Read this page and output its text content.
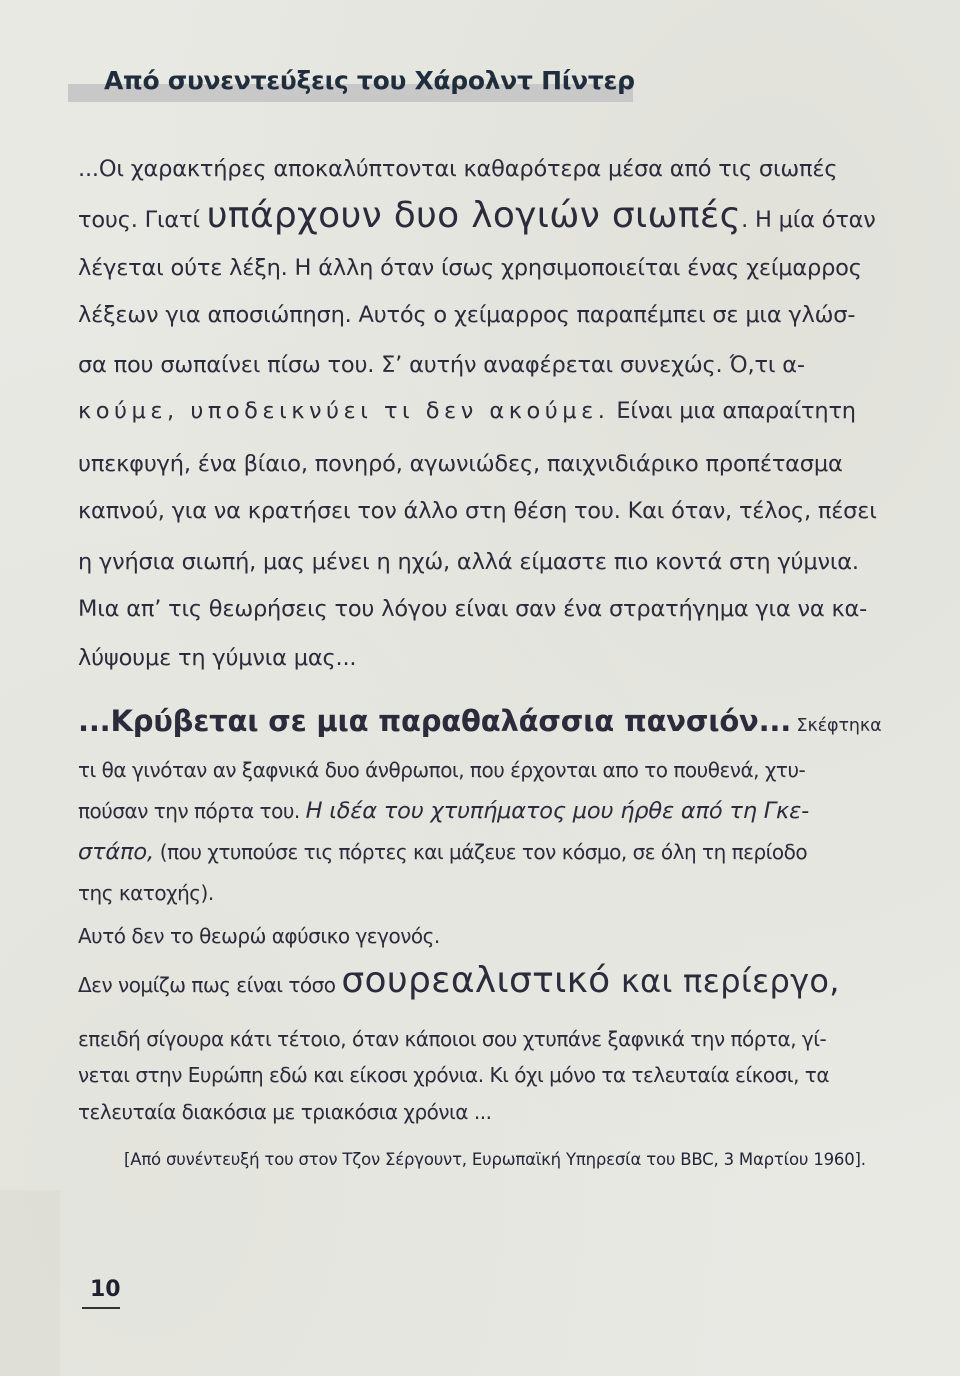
Από συνεντεύξεις του Χάρολντ Πίντερ
...Οι χαρακτήρες αποκαλύπτονται καθαρότερα μέσα από τις σιωπές
τους. Γιατί υπάρχουν δυο λογιών σιωπές. Η μία όταν
λέγεται ούτε λέξη. Η άλλη όταν ίσως χρησιμοποιείται ένας χείμαρρος
λέξεων για αποσιώπηση. Αυτός ο χείμαρρος παραπέμπει σε μια γλώσ-
σα που σωπαίνει πίσω του. Σ’ αυτήν αναφέρεται συνεχώς. Ό,τι α-
κούμε, υποδεικνύει τι δεν ακούμε. Είναι μια απαραίτητη
υπεκφυγή, ένα βίαιο, πονηρό, αγωνιώδες, παιχνιδιάρικο προπέτασμα
καπνού, για να κρατήσει τον άλλο στη θέση του. Και όταν, τέλος, πέσει
η γνήσια σιωπή, μας μένει η ηχώ, αλλά είμαστε πιο κοντά στη γύμνια.
Μια απ’ τις θεωρήσεις του λόγου είναι σαν ένα στρατήγημα για να κα-
λύψουμε τη γύμνια μας...
...Κρύβεται σε μια παραθαλάσσια πανσιόν... Σκέφτηκα
τι θα γινόταν αν ξαφνικά δυο άνθρωποι, που έρχονται απο το πουθενά, χτυ-
πούσαν την πόρτα του. Η ιδέα του χτυπήματος μου ήρθε από τη Γκε-
στάπο, (που χτυπούσε τις πόρτες και μάζευε τον κόσμο, σε όλη τη περίοδο
της κατοχής).
Αυτό δεν το θεωρώ αφύσικο γεγονός.
Δεν νομίζω πως είναι τόσο σουρεαλιστικό και περίεργο,
επειδή σίγουρα κάτι τέτοιο, όταν κάποιοι σου χτυπάνε ξαφνικά την πόρτα, γί-
νεται στην Ευρώπη εδώ και είκοσι χρόνια. Κι όχι μόνο τα τελευταία είκοσι, τα
τελευταία διακόσια με τριακόσια χρόνια ...
[Από συνέντευξή του στον Τζον Σέργουντ, Ευρωπαϊκή Υπηρεσία του BBC, 3 Μαρτίου 1960].
10
